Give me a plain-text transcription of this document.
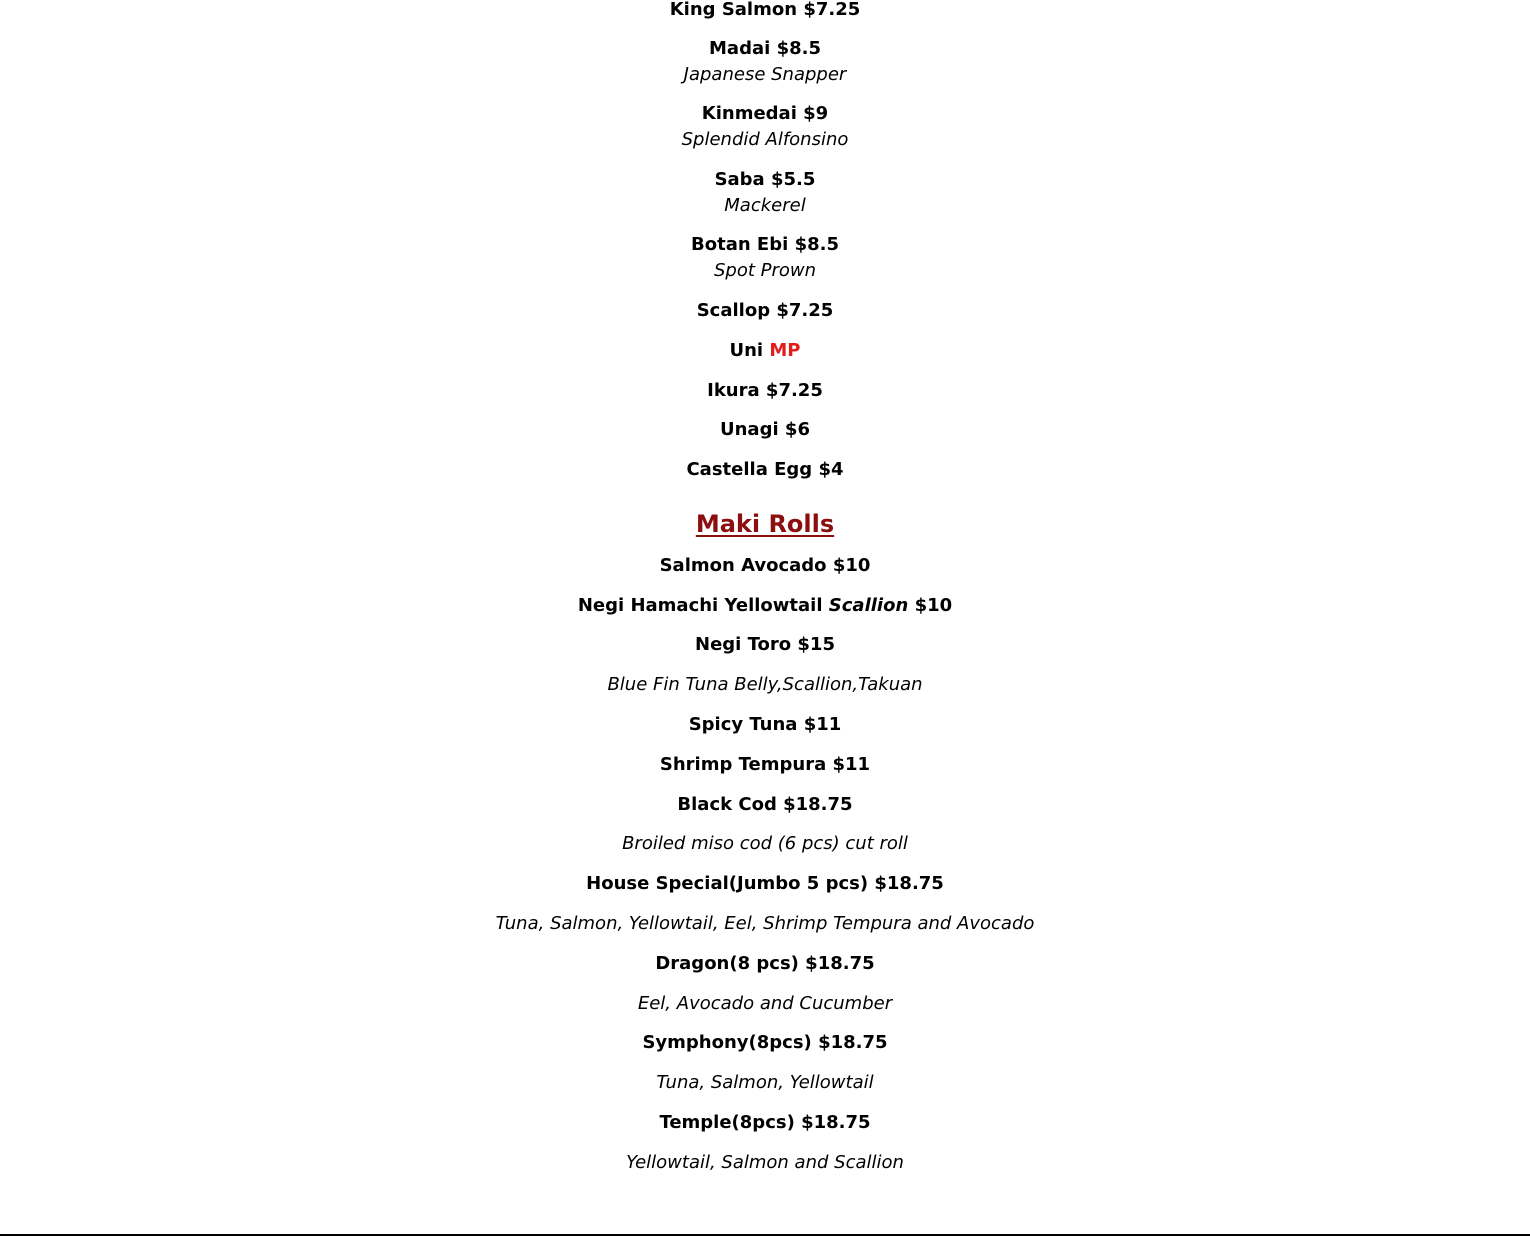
King Salmon $7.25
Madai $8.5
Japanese Snapper
Kinmedai $9
Splendid Alfonsino
Saba $5.5
Mackerel
Botan Ebi $8.5
Spot Prown
Scallop $7.25
Uni MP
Ikura $7.25
Unagi $6
Castella Egg $4
Maki Rolls
Salmon Avocado $10
Negi Hamachi Yellowtail Scallion $10
Negi Toro $15
Blue Fin Tuna Belly,Scallion,Takuan
Spicy Tuna $11
Shrimp Tempura $11
Black Cod $18.75
Broiled miso cod (6 pcs) cut roll
House Special(Jumbo 5 pcs) $18.75
Tuna, Salmon, Yellowtail, Eel, Shrimp Tempura and Avocado
Dragon(8 pcs) $18.75
Eel, Avocado and Cucumber
Symphony(8pcs) $18.75
Tuna, Salmon, Yellowtail
Temple(8pcs) $18.75
Yellowtail, Salmon and Scallion
